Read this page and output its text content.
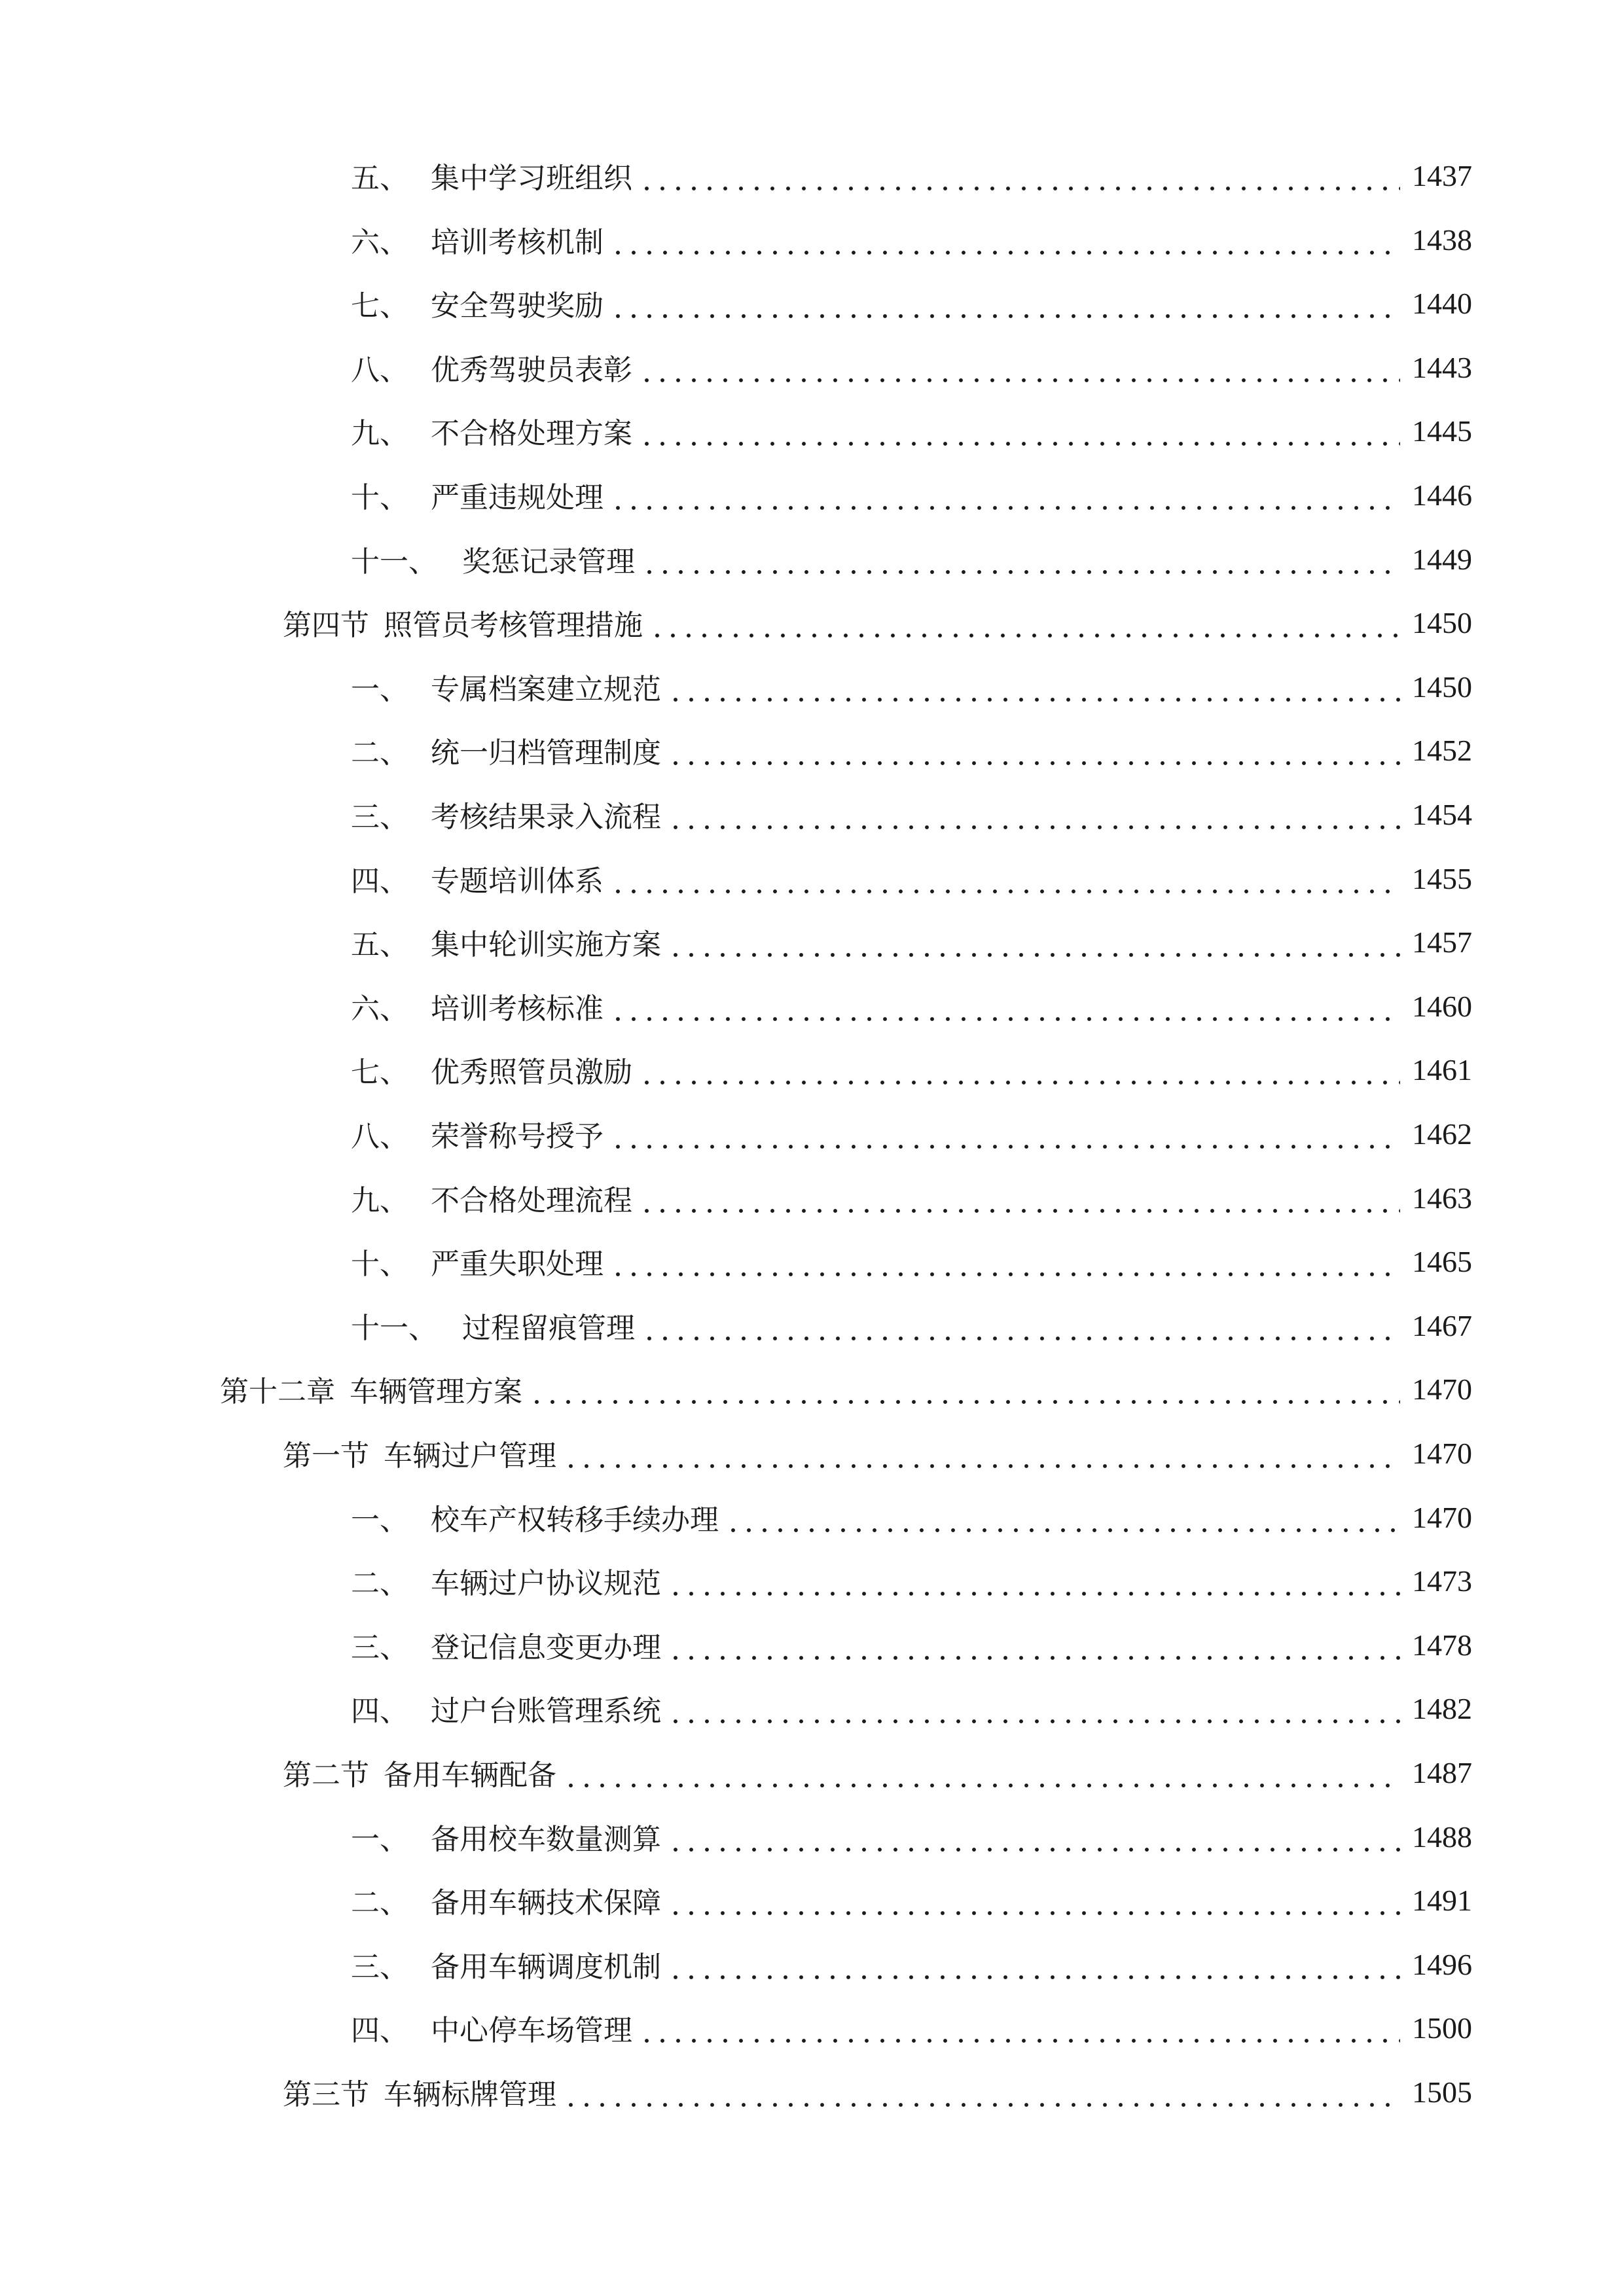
五、 集中学习班组织	1437
六、 培训考核机制	1438
七、 安全驾驶奖励	1440
八、 优秀驾驶员表彰	1443
九、 不合格处理方案	1445
十、 严重违规处理	1446
十一、 奖惩记录管理	1449
第四节 照管员考核管理措施	1450
一、 专属档案建立规范	1450
二、 统一归档管理制度	1452
三、 考核结果录入流程	1454
四、 专题培训体系	1455
五、 集中轮训实施方案	1457
六、 培训考核标准	1460
七、 优秀照管员激励	1461
八、 荣誉称号授予	1462
九、 不合格处理流程	1463
十、 严重失职处理	1465
十一、 过程留痕管理	1467
第十二章 车辆管理方案	1470
第一节 车辆过户管理	1470
一、 校车产权转移手续办理	1470
二、 车辆过户协议规范	1473
三、 登记信息变更办理	1478
四、 过户台账管理系统	1482
第二节 备用车辆配备	1487
一、 备用校车数量测算	1488
二、 备用车辆技术保障	1491
三、 备用车辆调度机制	1496
四、 中心停车场管理	1500
第三节 车辆标牌管理	1505
